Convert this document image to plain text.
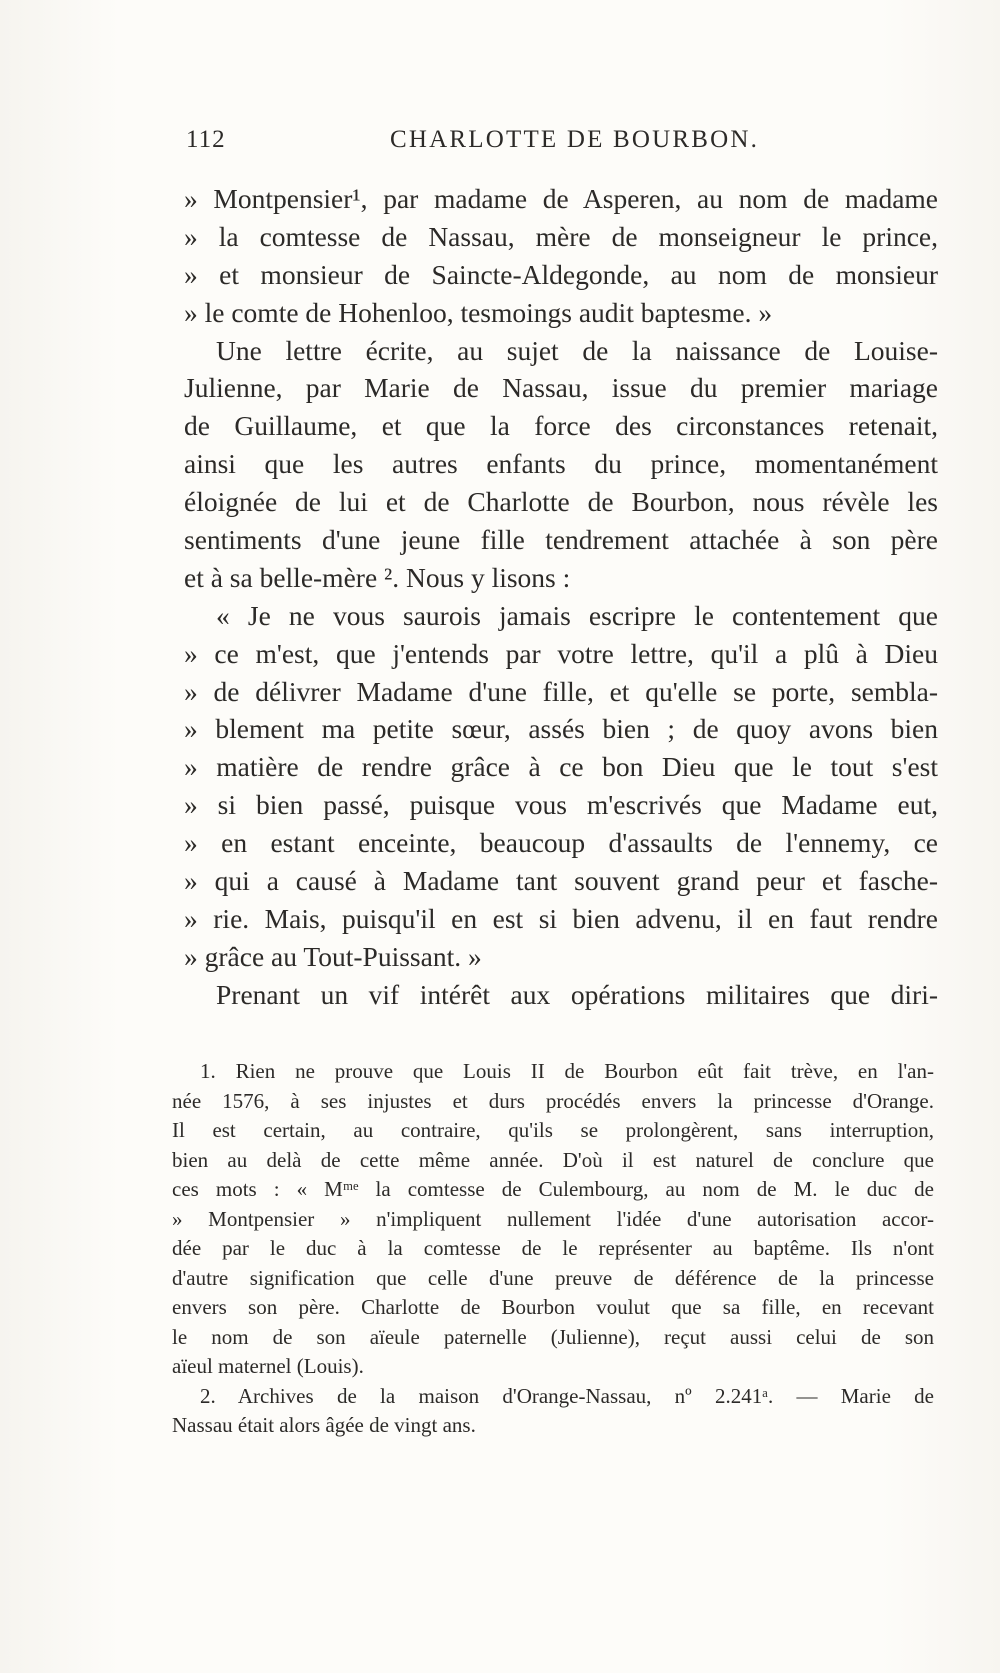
112	CHARLOTTE DE BOURBON.
» Montpensier¹, par madame de Asperen, au nom de madame
» la comtesse de Nassau, mère de monseigneur le prince,
» et monsieur de Saincte-Aldegonde, au nom de monsieur
» le comte de Hohenloo, tesmoings audit baptesme. »
Une lettre écrite, au sujet de la naissance de Louise-
Julienne, par Marie de Nassau, issue du premier mariage
de Guillaume, et que la force des circonstances retenait,
ainsi que les autres enfants du prince, momentanément
éloignée de lui et de Charlotte de Bourbon, nous révèle les
sentiments d'une jeune fille tendrement attachée à son père
et à sa belle-mère ². Nous y lisons :
« Je ne vous saurois jamais escripre le contentement que
» ce m'est, que j'entends par votre lettre, qu'il a plû à Dieu
» de délivrer Madame d'une fille, et qu'elle se porte, sembla-
» blement ma petite sœur, assés bien ; de quoy avons bien
» matière de rendre grâce à ce bon Dieu que le tout s'est
» si bien passé, puisque vous m'escrivés que Madame eut,
» en estant enceinte, beaucoup d'assaults de l'ennemy, ce
» qui a causé à Madame tant souvent grand peur et fasche-
» rie. Mais, puisqu'il en est si bien advenu, il en faut rendre
» grâce au Tout-Puissant. »
Prenant un vif intérêt aux opérations militaires que diri-
1. Rien ne prouve que Louis II de Bourbon eût fait trève, en l'an-
née 1576, à ses injustes et durs procédés envers la princesse d'Orange.
Il est certain, au contraire, qu'ils se prolongèrent, sans interruption,
bien au delà de cette même année. D'où il est naturel de conclure que
ces mots : « Mᵐᵉ la comtesse de Culembourg, au nom de M. le duc de
» Montpensier » n'impliquent nullement l'idée d'une autorisation accor-
dée par le duc à la comtesse de le représenter au baptême. Ils n'ont
d'autre signification que celle d'une preuve de déférence de la princesse
envers son père. Charlotte de Bourbon voulut que sa fille, en recevant
le nom de son aïeule paternelle (Julienne), reçut aussi celui de son
aïeul maternel (Louis).
2. Archives de la maison d'Orange-Nassau, nº 2.241ᵃ. — Marie de
Nassau était alors âgée de vingt ans.
